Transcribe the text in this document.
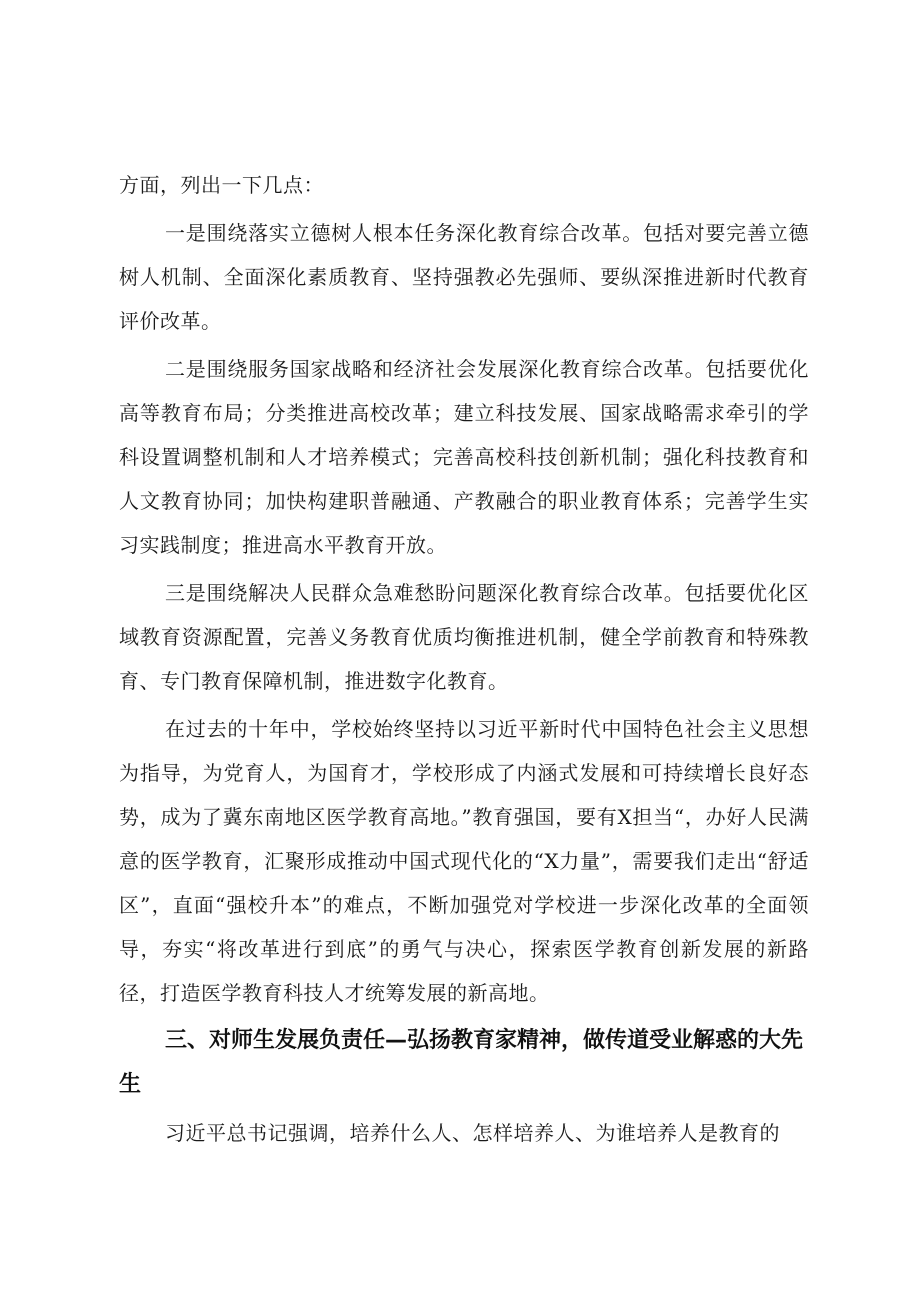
方面，列出一下几点：

一是围绕落实立德树人根本任务深化教育综合改革。包括对要完善立德树人机制、全面深化素质教育、坚持强教必先强师、要纵深推进新时代教育评价改革。

二是围绕服务国家战略和经济社会发展深化教育综合改革。包括要优化高等教育布局；分类推进高校改革；建立科技发展、国家战略需求牵引的学科设置调整机制和人才培养模式；完善高校科技创新机制；强化科技教育和人文教育协同；加快构建职普融通、产教融合的职业教育体系；完善学生实习实践制度；推进高水平教育开放。

三是围绕解决人民群众急难愁盼问题深化教育综合改革。包括要优化区域教育资源配置，完善义务教育优质均衡推进机制，健全学前教育和特殊教育、专门教育保障机制，推进数字化教育。

在过去的十年中，学校始终坚持以习近平新时代中国特色社会主义思想为指导，为党育人，为国育才，学校形成了内涵式发展和可持续增长良好态势，成为了冀东南地区医学教育高地。”教育强国，要有X担当“，办好人民满意的医学教育，汇聚形成推动中国式现代化的“X力量”，需要我们走出“舒适区”，直面“强校升本”的难点，不断加强党对学校进一步深化改革的全面领导，夯实“将改革进行到底”的勇气与决心，探索医学教育创新发展的新路径，打造医学教育科技人才统筹发展的新高地。

三、对师生发展负责任—弘扬教育家精神，做传道受业解惑的大先生

习近平总书记强调，培养什么人、怎样培养人、为谁培养人是教育的
